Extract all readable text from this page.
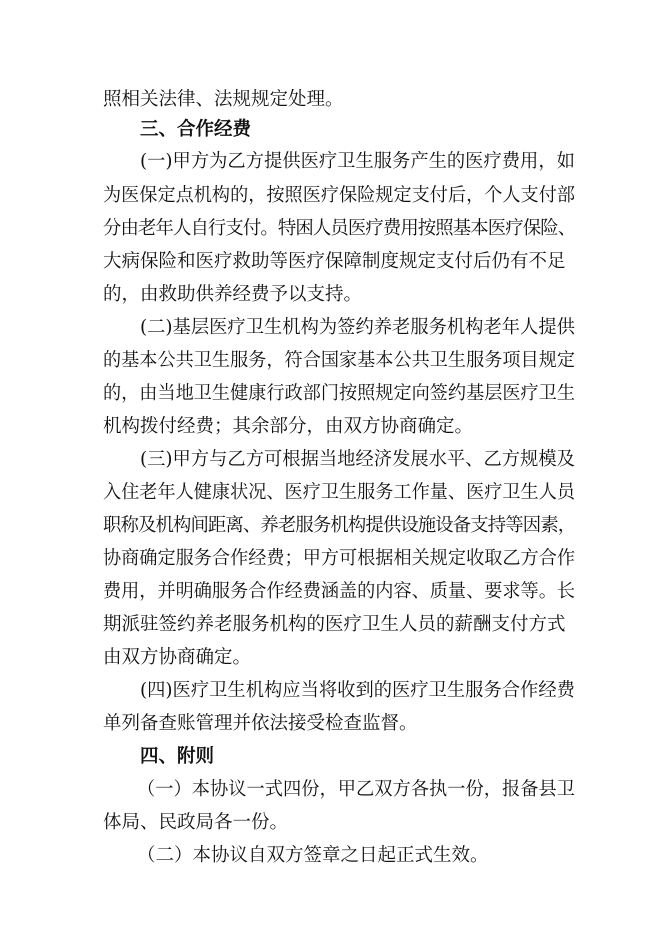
照相关法律、法规规定处理。
三、合作经费
(一)甲方为乙方提供医疗卫生服务产生的医疗费用，如
为医保定点机构的，按照医疗保险规定支付后，个人支付部
分由老年人自行支付。特困人员医疗费用按照基本医疗保险、
大病保险和医疗救助等医疗保障制度规定支付后仍有不足
的，由救助供养经费予以支持。
(二)基层医疗卫生机构为签约养老服务机构老年人提供
的基本公共卫生服务，符合国家基本公共卫生服务项目规定
的，由当地卫生健康行政部门按照规定向签约基层医疗卫生
机构拨付经费；其余部分，由双方协商确定。
(三)甲方与乙方可根据当地经济发展水平、乙方规模及
入住老年人健康状况、医疗卫生服务工作量、医疗卫生人员
职称及机构间距离、养老服务机构提供设施设备支持等因素，
协商确定服务合作经费；甲方可根据相关规定收取乙方合作
费用，并明确服务合作经费涵盖的内容、质量、要求等。长
期派驻签约养老服务机构的医疗卫生人员的薪酬支付方式
由双方协商确定。
(四)医疗卫生机构应当将收到的医疗卫生服务合作经费
单列备查账管理并依法接受检查监督。
四、附则
（一）本协议一式四份，甲乙双方各执一份，报备县卫
体局、民政局各一份。
（二）本协议自双方签章之日起正式生效。
